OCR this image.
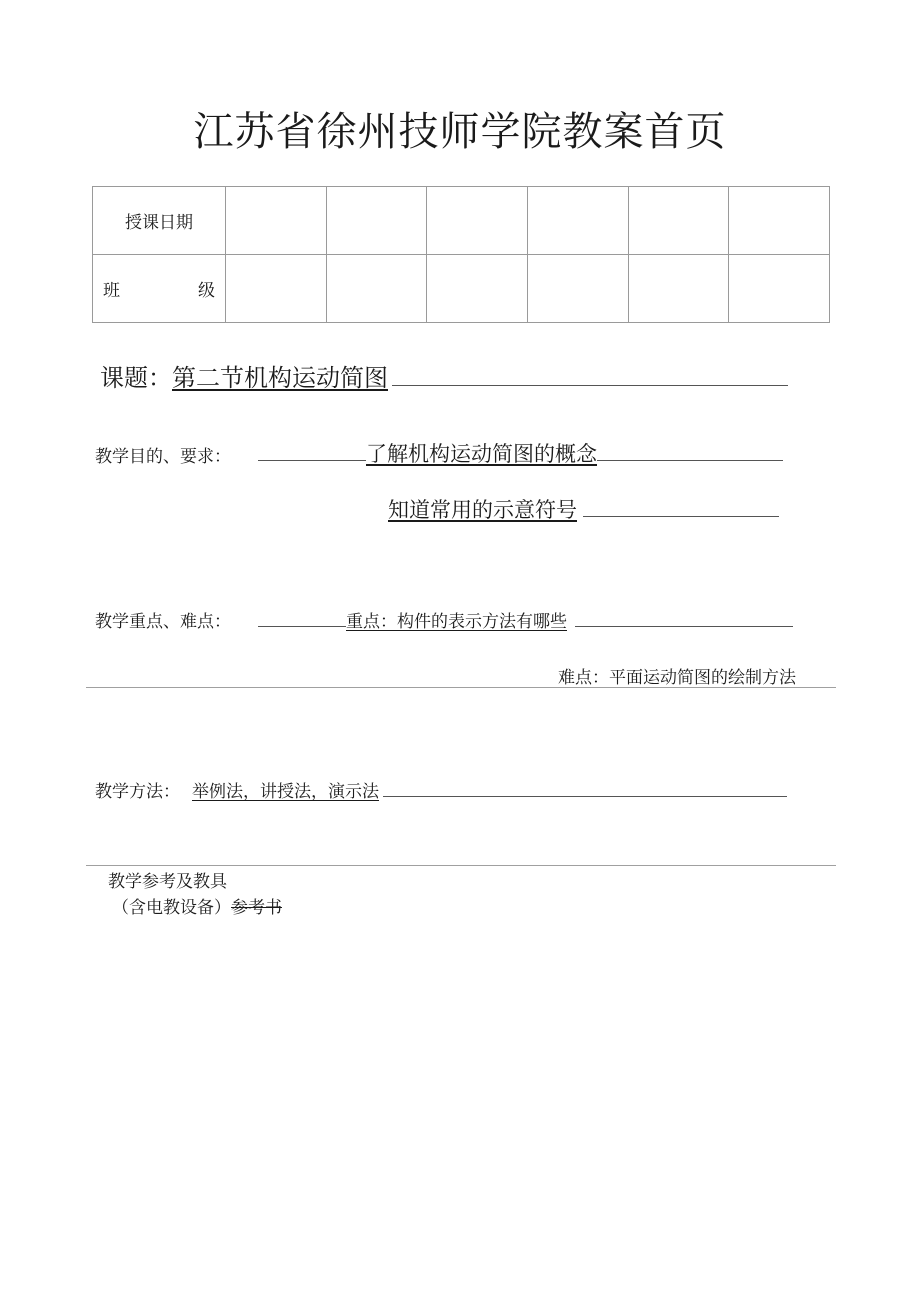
江苏省徐州技师学院教案首页
授课日期						

班 级						

课题：第二节机构运动简图
教学目的、要求：	了解机构运动简图的概念
知道常用的示意符号
教学重点、难点：	重点：构件的表示方法有哪些
难点：平面运动简图的绘制方法
教学方法： 举例法，讲授法，演示法
教学参考及教具
（含电教设备）参考书
